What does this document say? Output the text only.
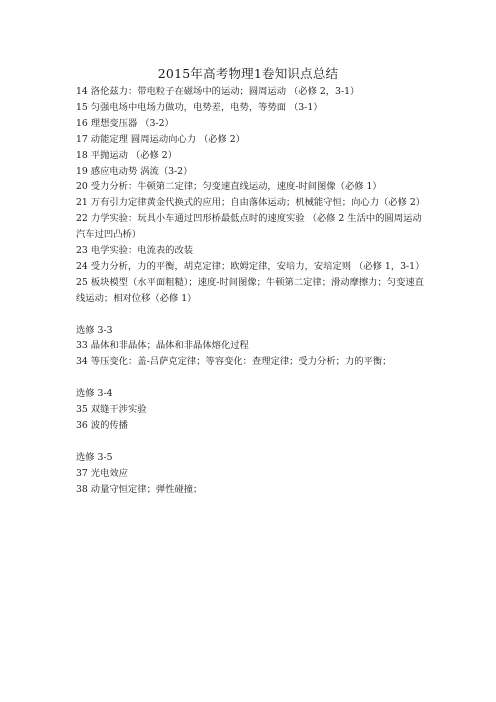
2015年高考物理1卷知识点总结
14 洛伦兹力：带电粒子在磁场中的运动；圆周运动 （必修 2，3-1）
15 匀强电场中电场力做功，电势差，电势，等势面 （3-1）
16 理想变压器 （3-2）
17 动能定理 圆周运动向心力 （必修 2）
18 平抛运动 （必修 2）
19 感应电动势 涡流（3-2）
20 受力分析：牛顿第二定律；匀变速直线运动，速度-时间图像（必修 1）
21 万有引力定律黄金代换式的应用；自由落体运动；机械能守恒；向心力（必修 2）
22 力学实验：玩具小车通过凹形桥最低点时的速度实验 （必修 2 生活中的圆周运动汽车过凹凸桥）
23 电学实验：电流表的改装
24 受力分析，力的平衡，胡克定律；欧姆定律，安培力，安培定则 （必修 1，3-1）
25 板块模型（水平面粗糙）；速度-时间图像；牛顿第二定律；滑动摩擦力；匀变速直线运动；相对位移（必修 1）
选修 3-3
33 晶体和非晶体；晶体和非晶体熔化过程
34 等压变化：盖-吕萨克定律；等容变化：查理定律；受力分析；力的平衡；
选修 3-4
35 双缝干涉实验
36 波的传播
选修 3-5
37 光电效应
38 动量守恒定律；弹性碰撞；
